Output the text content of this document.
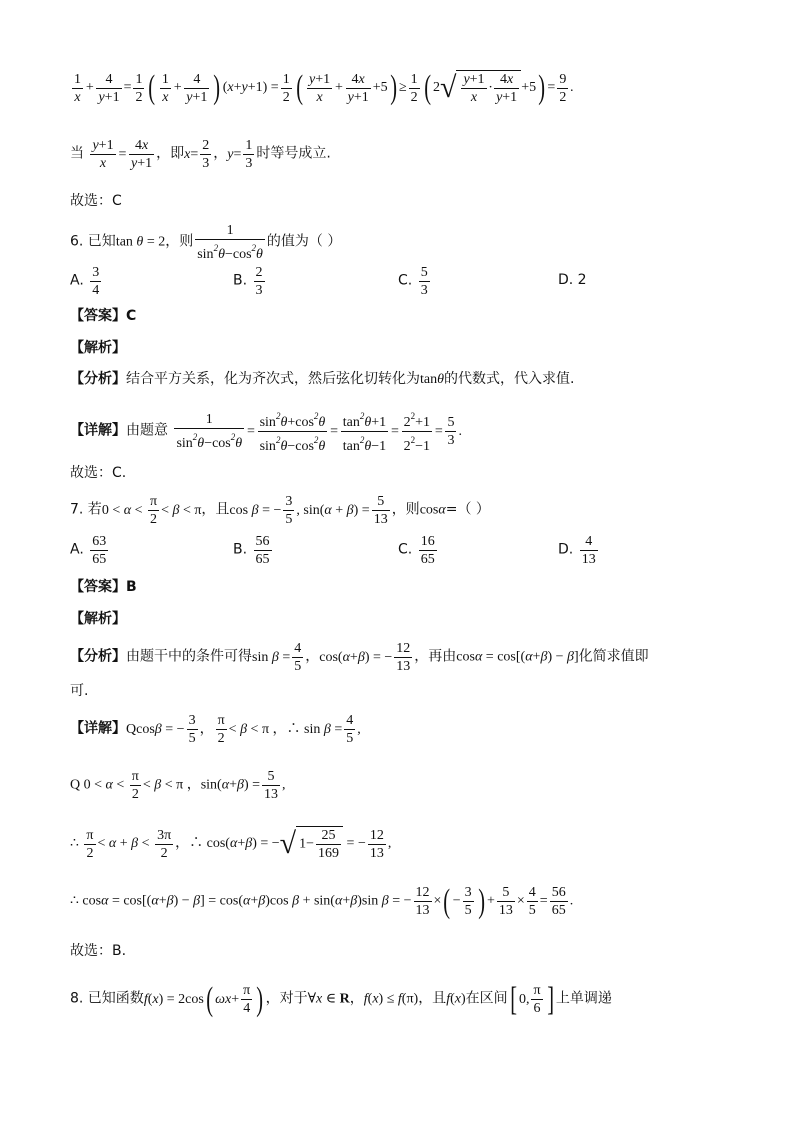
$\frac{1}{x} + \frac{4}{y+1} = \frac{1}{2}$ ( $\frac{1}{x} + \frac{4}{y+1}$ ) $(x+y+1) = \frac{1}{2}$ ( $\frac{y+1}{x} + \frac{4x}{y+1} +5) \ge \frac{1}{2}$ ( $2√ \frac{y+1}{x} \cdot \frac{4x}{y+1} +5) = \frac{9}{2}$ .
当 $\frac{y+1}{x} = \frac{4x}{y+1}$ ，即$x= \frac{2}{3}$ ，$y= \frac{1}{3}$ 时等号成立.
故选：C
6. 已知tan θ = 2，则 $\frac{1}{\sin^2\theta-\cos^2\theta}$ 的值为（ ）
A. $\frac{3}{4}$	B. $\frac{2}{3}$	C. $\frac{5}{3}$	D. 2
【答案】C
【解析】
【分析】结合平方关系，化为齐次式，然后弦化切转化为tanθ的代数式，代入求值.
【详解】由题意 $\frac{1}{\sin^2\theta-\cos^2\theta} = \frac{\sin^2\theta+\cos^2\theta}{\sin^2\theta-\cos^2\theta} = \frac{\tan^2\theta+1}{\tan^2\theta-1} = \frac{2^2+1}{2^2-1} = \frac{5}{3}$ .
故选：C.
7. 若$0 < \alpha < \frac{\pi}{2} < \beta < \pi$，且cos β = − $\frac{3}{5}$ , $\sin(\alpha + \beta) = \frac{5}{13}$ ，则cosα=（ ）
A. $\frac{63}{65}$	B. $\frac{56}{65}$	C. $\frac{16}{65}$	D. $\frac{4}{13}$
【答案】B
【解析】
【分析】由题干中的条件可得$\sin \beta = \frac{4}{5}$ ，cos(α+β) = − $\frac{12}{13}$ ，再由cosα = cos[(α+β) − β]化简求值即
可.
【详解】Qcosβ = − $\frac{3}{5}$ ， $\frac{\pi}{2} < \beta < \pi$ ，∴ $\sin \beta = \frac{4}{5}$ ,
Q $0 < \alpha < \frac{\pi}{2} < \beta < \pi$ ，$\sin(\alpha+\beta) = \frac{5}{13}$ ,
∴ $\frac{\pi}{2} < \alpha + \beta < \frac{3\pi}{2}$ ，∴ cos(α+β) = −√ $1- \frac{25}{169}$ = − $\frac{12}{13}$ ,
∴ cosα = cos[(α+β) − β] = cos(α+β)cos β + sin(α+β)sin β = − $\frac{12}{13}$ ×( − $\frac{3}{5}$ ) + $\frac{5}{13} \times \frac{4}{5} = \frac{56}{65}$ .
故选：B.
8. 已知函数f(x) = 2cos( $\omega x+ \frac{\pi}{4}$ ) ，对于∀x ∈ R，f(x) ≤ f(π)，且f(x)在区间[ 0, $\frac{\pi}{6}$ ] 上单调递
